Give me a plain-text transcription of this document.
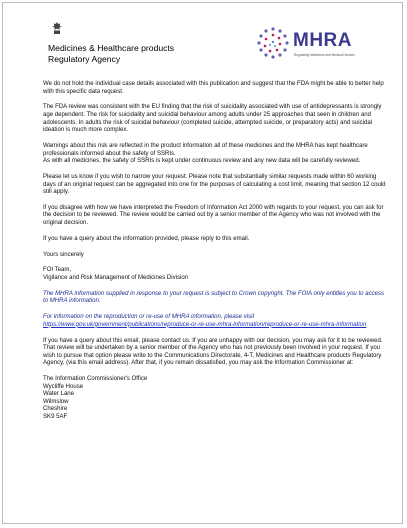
Medicines & Healthcare products
Regulatory Agency
MHRA
Regulating Medicines and Medical Devices

We do not hold the individual case details associated with this publication and suggest that the FDA might be able to better help with this specific data request.

The FDA review was consistent with the EU finding that the risk of suicidality associated with use of antidepressants is strongly age dependent. The risk for suicidality and suicidal behaviour among adults under 25 approaches that seen in children and adolescents. In adults the risk of suicidal behaviour (completed suicide, attempted suicide, or preparatory acts) and suicidal ideation is much more complex.

Warnings about this risk are reflected in the product information all of these medicines and the MHRA has kept healthcare professionals informed about the safety of SSRIs.
As with all medicines, the safety of SSRIs is kept under continuous review and any new data will be carefully reviewed.

Please let us know if you wish to narrow your request. Please note that substantially similar requests made within 60 working days of an original request can be aggregated into one for the purposes of calculating a cost limit, meaning that section 12 could still apply.

If you disagree with how we have interpreted the Freedom of Information Act 2000 with regards to your request, you can ask for the decision to be reviewed. The review would be carried out by a senior member of the Agency who was not involved with the original decision.

If you have a query about the information provided, please reply to this email.

Yours sincerely

FOI Team,
Vigilance and Risk Management of Medicines Division

The MHRA information supplied in response to your request is subject to Crown copyright. The FOIA only entitles you to access to MHRA information.

For information on the reproduction or re-use of MHRA information, please visit
https://www.gov.uk/government/publications/reproduce-or-re-use-mhra-information/reproduce-or-re-use-mhra-information

If you have a query about this email, please contact us. If you are unhappy with our decision, you may ask for it to be reviewed. That review will be undertaken by a senior member of the Agency who has not previously been involved in your request. If you wish to pursue that option please write to the Communications Directorate, 4-T, Medicines and Healthcare products Regulatory Agency, (via this email address). After that, if you remain dissatisfied, you may ask the Information Commissioner at:

The Information Commissioner's Office
Wycliffe House
Water Lane
Wilmslow
Cheshire
SK9 5AF
